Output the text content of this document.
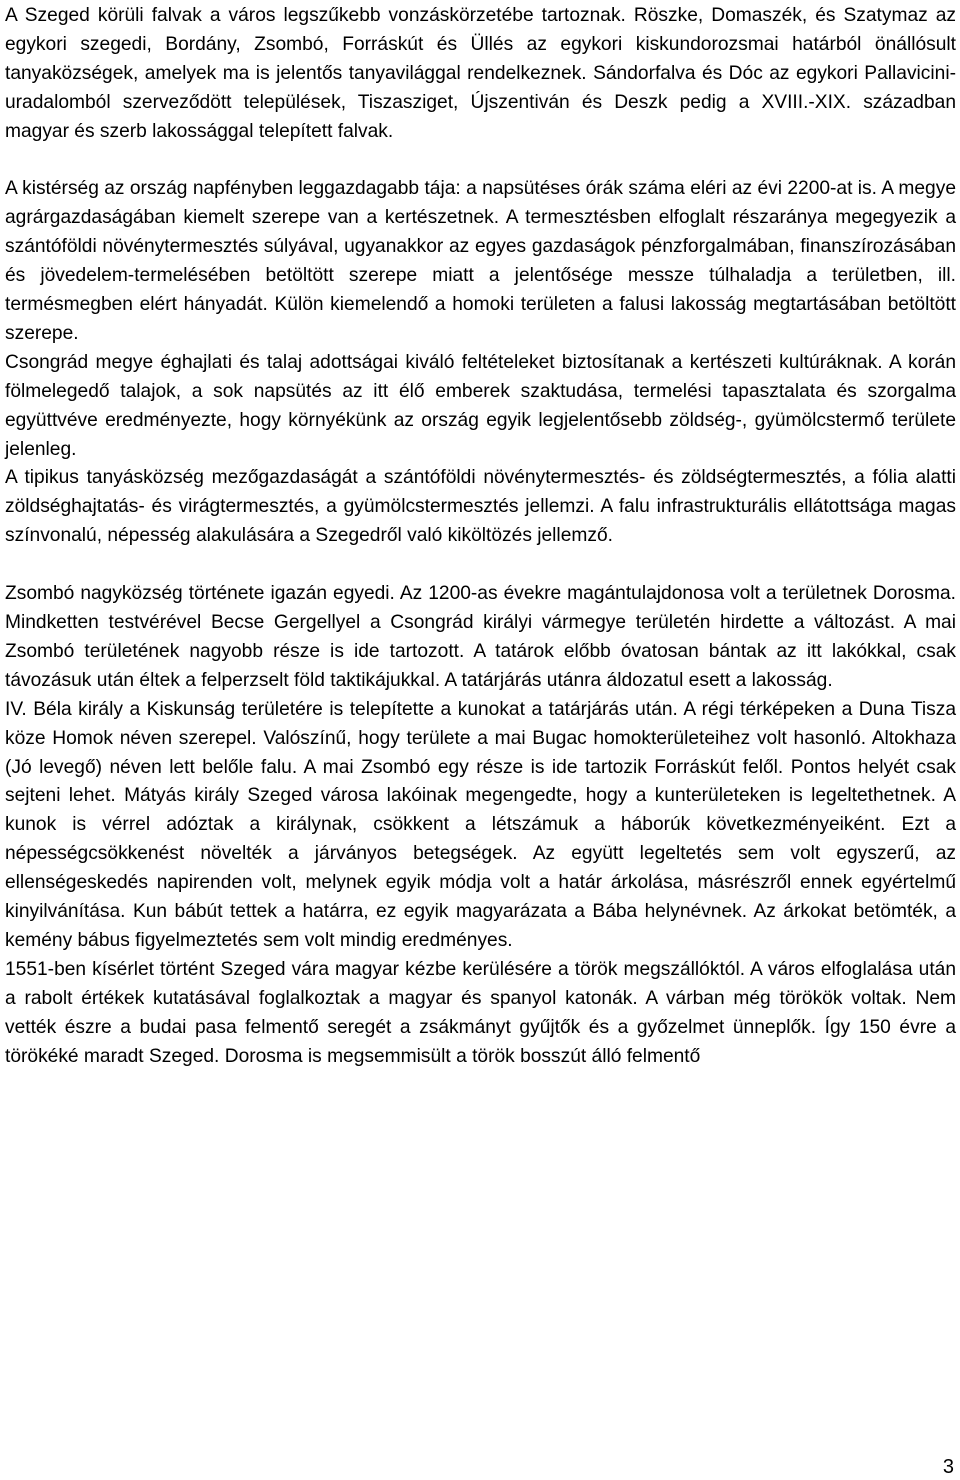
A Szeged körüli falvak a város legszűkebb vonzáskörzetébe tartoznak. Röszke, Domaszék, és Szatymaz az egykori szegedi, Bordány, Zsombó, Forráskút és Üllés az egykori kiskundorozsmai határból önállósult tanyaközségek, amelyek ma is jelentős tanyavilággal rendelkeznek. Sándorfalva és Dóc az egykori Pallavicini-uradalomból szerveződött települések, Tiszasziget, Újszentiván és Deszk pedig a XVIII.-XIX. században magyar és szerb lakossággal telepített falvak.

A kistérség az ország napfényben leggazdagabb tája: a napsütéses órák száma eléri az évi 2200-at is. A megye agrárgazdaságában kiemelt szerepe van a kertészetnek. A termesztésben elfoglalt részaránya megegyezik a szántóföldi növénytermesztés súlyával, ugyanakkor az egyes gazdaságok pénzforgalmában, finanszírozásában és jövedelem-termelésében betöltött szerepe miatt a jelentősége messze túlhaladja a területben, ill. termésmegben elért hányadát. Külön kiemelendő a homoki területen a falusi lakosság megtartásában betöltött szerepe.

Csongrád megye éghajlati és talaj adottságai kiváló feltételeket biztosítanak a kertészeti kultúráknak. A korán fölmelegedő talajok, a sok napsütés az itt élő emberek szaktudása, termelési tapasztalata és szorgalma együttvéve eredményezte, hogy környékünk az ország egyik legjelentősebb zöldség-, gyümölcstermő területe jelenleg.

A tipikus tanyásközség mezőgazdaságát a szántóföldi növénytermesztés- és zöldségtermesztés, a fólia alatti zöldséghajtatás- és virágtermesztés, a gyümölcstermesztés jellemzi. A falu infrastrukturális ellátottsága magas színvonalú, népesség alakulására a Szegedről való kiköltözés jellemző.

Zsombó nagyközség története igazán egyedi. Az 1200-as évekre magántulajdonosa volt a területnek Dorosma. Mindketten testvérével Becse Gergellyel a Csongrád királyi vármegye területén hirdette a változást. A mai Zsombó területének nagyobb része is ide tartozott. A tatárok előbb óvatosan bántak az itt lakókkal, csak távozásuk után éltek a felperzselt föld taktikájukkal. A tatárjárás utánra áldozatul esett a lakosság.

IV. Béla király a Kiskunság területére is telepítette a kunokat a tatárjárás után. A régi térképeken a Duna Tisza köze Homok néven szerepel. Valószínű, hogy területe a mai Bugac homokterületeihez volt hasonló. Altokhaza (Jó levegő) néven lett belőle falu. A mai Zsombó egy része is ide tartozik Forráskút felől. Pontos helyét csak sejteni lehet. Mátyás király Szeged városa lakóinak megengedte, hogy a kunterületeken is legeltethetnek. A kunok is vérrel adóztak a királynak, csökkent a létszámuk a háborúk következményeiként. Ezt a népességcsökkenést növelték a járványos betegségek. Az együtt legeltetés sem volt egyszerű, az ellenségeskedés napirenden volt, melynek egyik módja volt a határ árkolása, másrészről ennek egyértelmű kinyilvánítása. Kun bábút tettek a határra, ez egyik magyarázata a Bába helynévnek. Az árkokat betömték, a kemény bábus figyelmeztetés sem volt mindig eredményes.

1551-ben kísérlet történt Szeged vára magyar kézbe kerülésére a török megszállóktól. A város elfoglalása után a rabolt értékek kutatásával foglalkoztak a magyar és spanyol katonák. A várban még törökök voltak. Nem vették észre a budai pasa felmentő seregét a zsákmányt gyűjtők és a győzelmet ünneplők. Így 150 évre a törökéké maradt Szeged. Dorosma is megsemmisült a török bosszút álló felmentő

3
